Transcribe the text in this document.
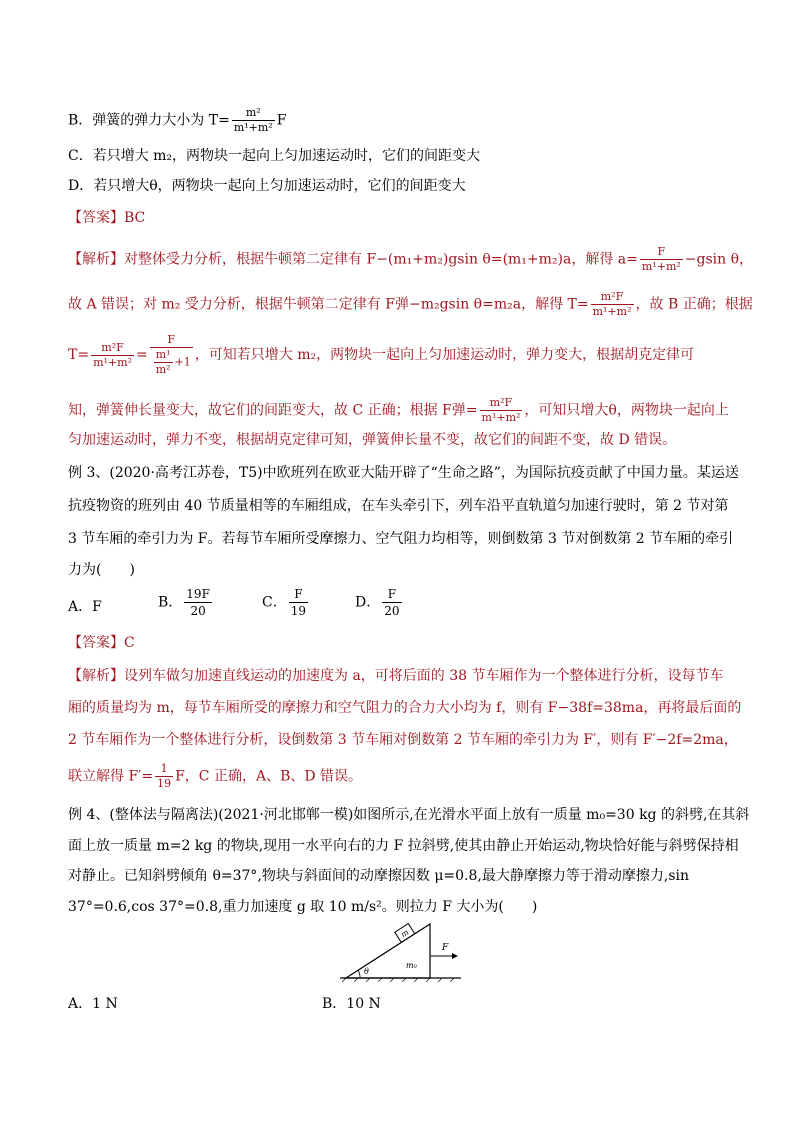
B．弹簧的弹力大小为 $T= \frac{\text{m²}}{\text{m¹+m²}}$ F
C．若只增大 m₂，两物块一起向上匀加速运动时，它们的间距变大
D．若只增大θ，两物块一起向上匀加速运动时，它们的间距变大
【答案】BC
【解析】对整体受力分析，根据牛顿第二定律有 F−(m₁+m₂)gsin θ=(m₁+m₂)a，解得 $a= \frac{F}{\text{m¹+m²}} -gsin$ θ，
故 A 错误；对 m₂ 受力分析，根据牛顿第二定律有 F弹−m₂gsin θ=m₂a，解得 $T= \frac{\text{m²F}}{\text{m¹+m²}}$ ，故 B 正确；根据
$T= \frac{\text{m²F}}{\text{m¹+m²}} = \frac{F}{\frac{\text{m¹}}{\text{m²}} +1}$ ，可知若只增大 m₂，两物块一起向上匀加速运动时，弹力变大，根据胡克定律可
知，弹簧伸长量变大，故它们的间距变大，故 C 正确；根据 F弹= $\frac{\text{m²F}}{\text{m¹+m²}}$ ，可知只增大θ，两物块一起向上
匀加速运动时，弹力不变，根据胡克定律可知，弹簧伸长量不变，故它们的间距不变，故 D 错误。
例 3、(2020·高考江苏卷，T5)中欧班列在欧亚大陆开辟了“生命之路”，为国际抗疫贡献了中国力量。某运送
抗疫物资的班列由 40 节质量相等的车厢组成，在车头牵引下，列车沿平直轨道匀加速行驶时，第 2 节对第
3 节车厢的牵引力为 F。若每节车厢所受摩擦力、空气阻力均相等，则倒数第 3 节对倒数第 2 节车厢的牵引
力为(　　)
A．F	B． $\frac{19F}{20}$	C． $\frac{F}{19}$	D． $\frac{F}{20}$
【答案】C
【解析】设列车做匀加速直线运动的加速度为 a，可将后面的 38 节车厢作为一个整体进行分析，设每节车
厢的质量均为 m，每节车厢所受的摩擦力和空气阻力的合力大小均为 f，则有 F−38f=38ma，再将最后面的
2 节车厢作为一个整体进行分析，设倒数第 3 节车厢对倒数第 2 节车厢的牵引力为 F′，则有 F′−2f=2ma，
联立解得 $F'= \frac{1}{19}$ F，C 正确，A、B、D 错误。
例 4、(整体法与隔离法)(2021·河北邯郸一模)如图所示,在光滑水平面上放有一质量 m₀=30 kg 的斜劈,在其斜
面上放一质量 m=2 kg 的物块,现用一水平向右的力 F 拉斜劈,使其由静止开始运动,物块恰好能与斜劈保持相
对静止。已知斜劈倾角 θ=37°,物块与斜面间的动摩擦因数 μ=0.8,最大静摩擦力等于滑动摩擦力,sin
37°=0.6,cos 37°=0.8,重力加速度 g 取 10 m/s²。则拉力 F 大小为(　　)
θ
m
m₀
F
A．1 N	B．10 N
